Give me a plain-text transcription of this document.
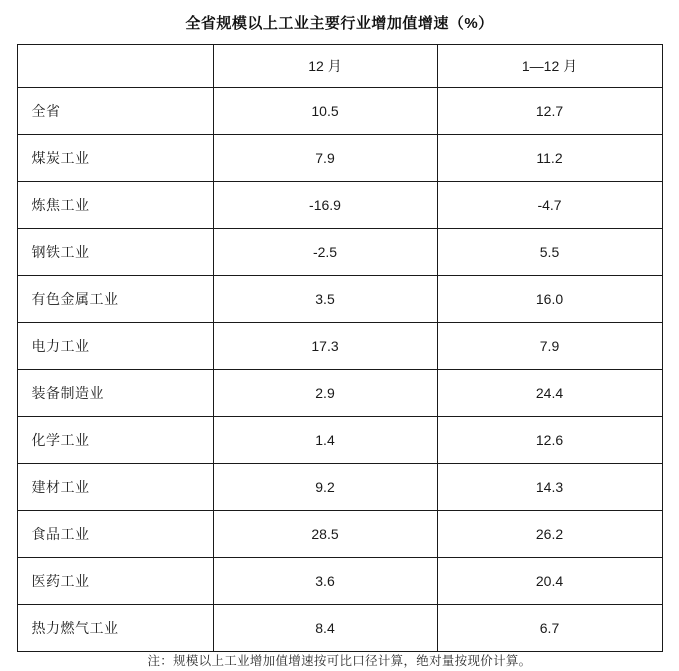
全省规模以上工业主要行业增加值增速（%）
	12 月	1—12 月
全省	10.5	12.7
煤炭工业	7.9	11.2
炼焦工业	-16.9	-4.7
钢铁工业	-2.5	5.5
有色金属工业	3.5	16.0
电力工业	17.3	7.9
装备制造业	2.9	24.4
化学工业	1.4	12.6
建材工业	9.2	14.3
食品工业	28.5	26.2
医药工业	3.6	20.4
热力燃气工业	8.4	6.7
注：规模以上工业增加值增速按可比口径计算，绝对量按现价计算。
